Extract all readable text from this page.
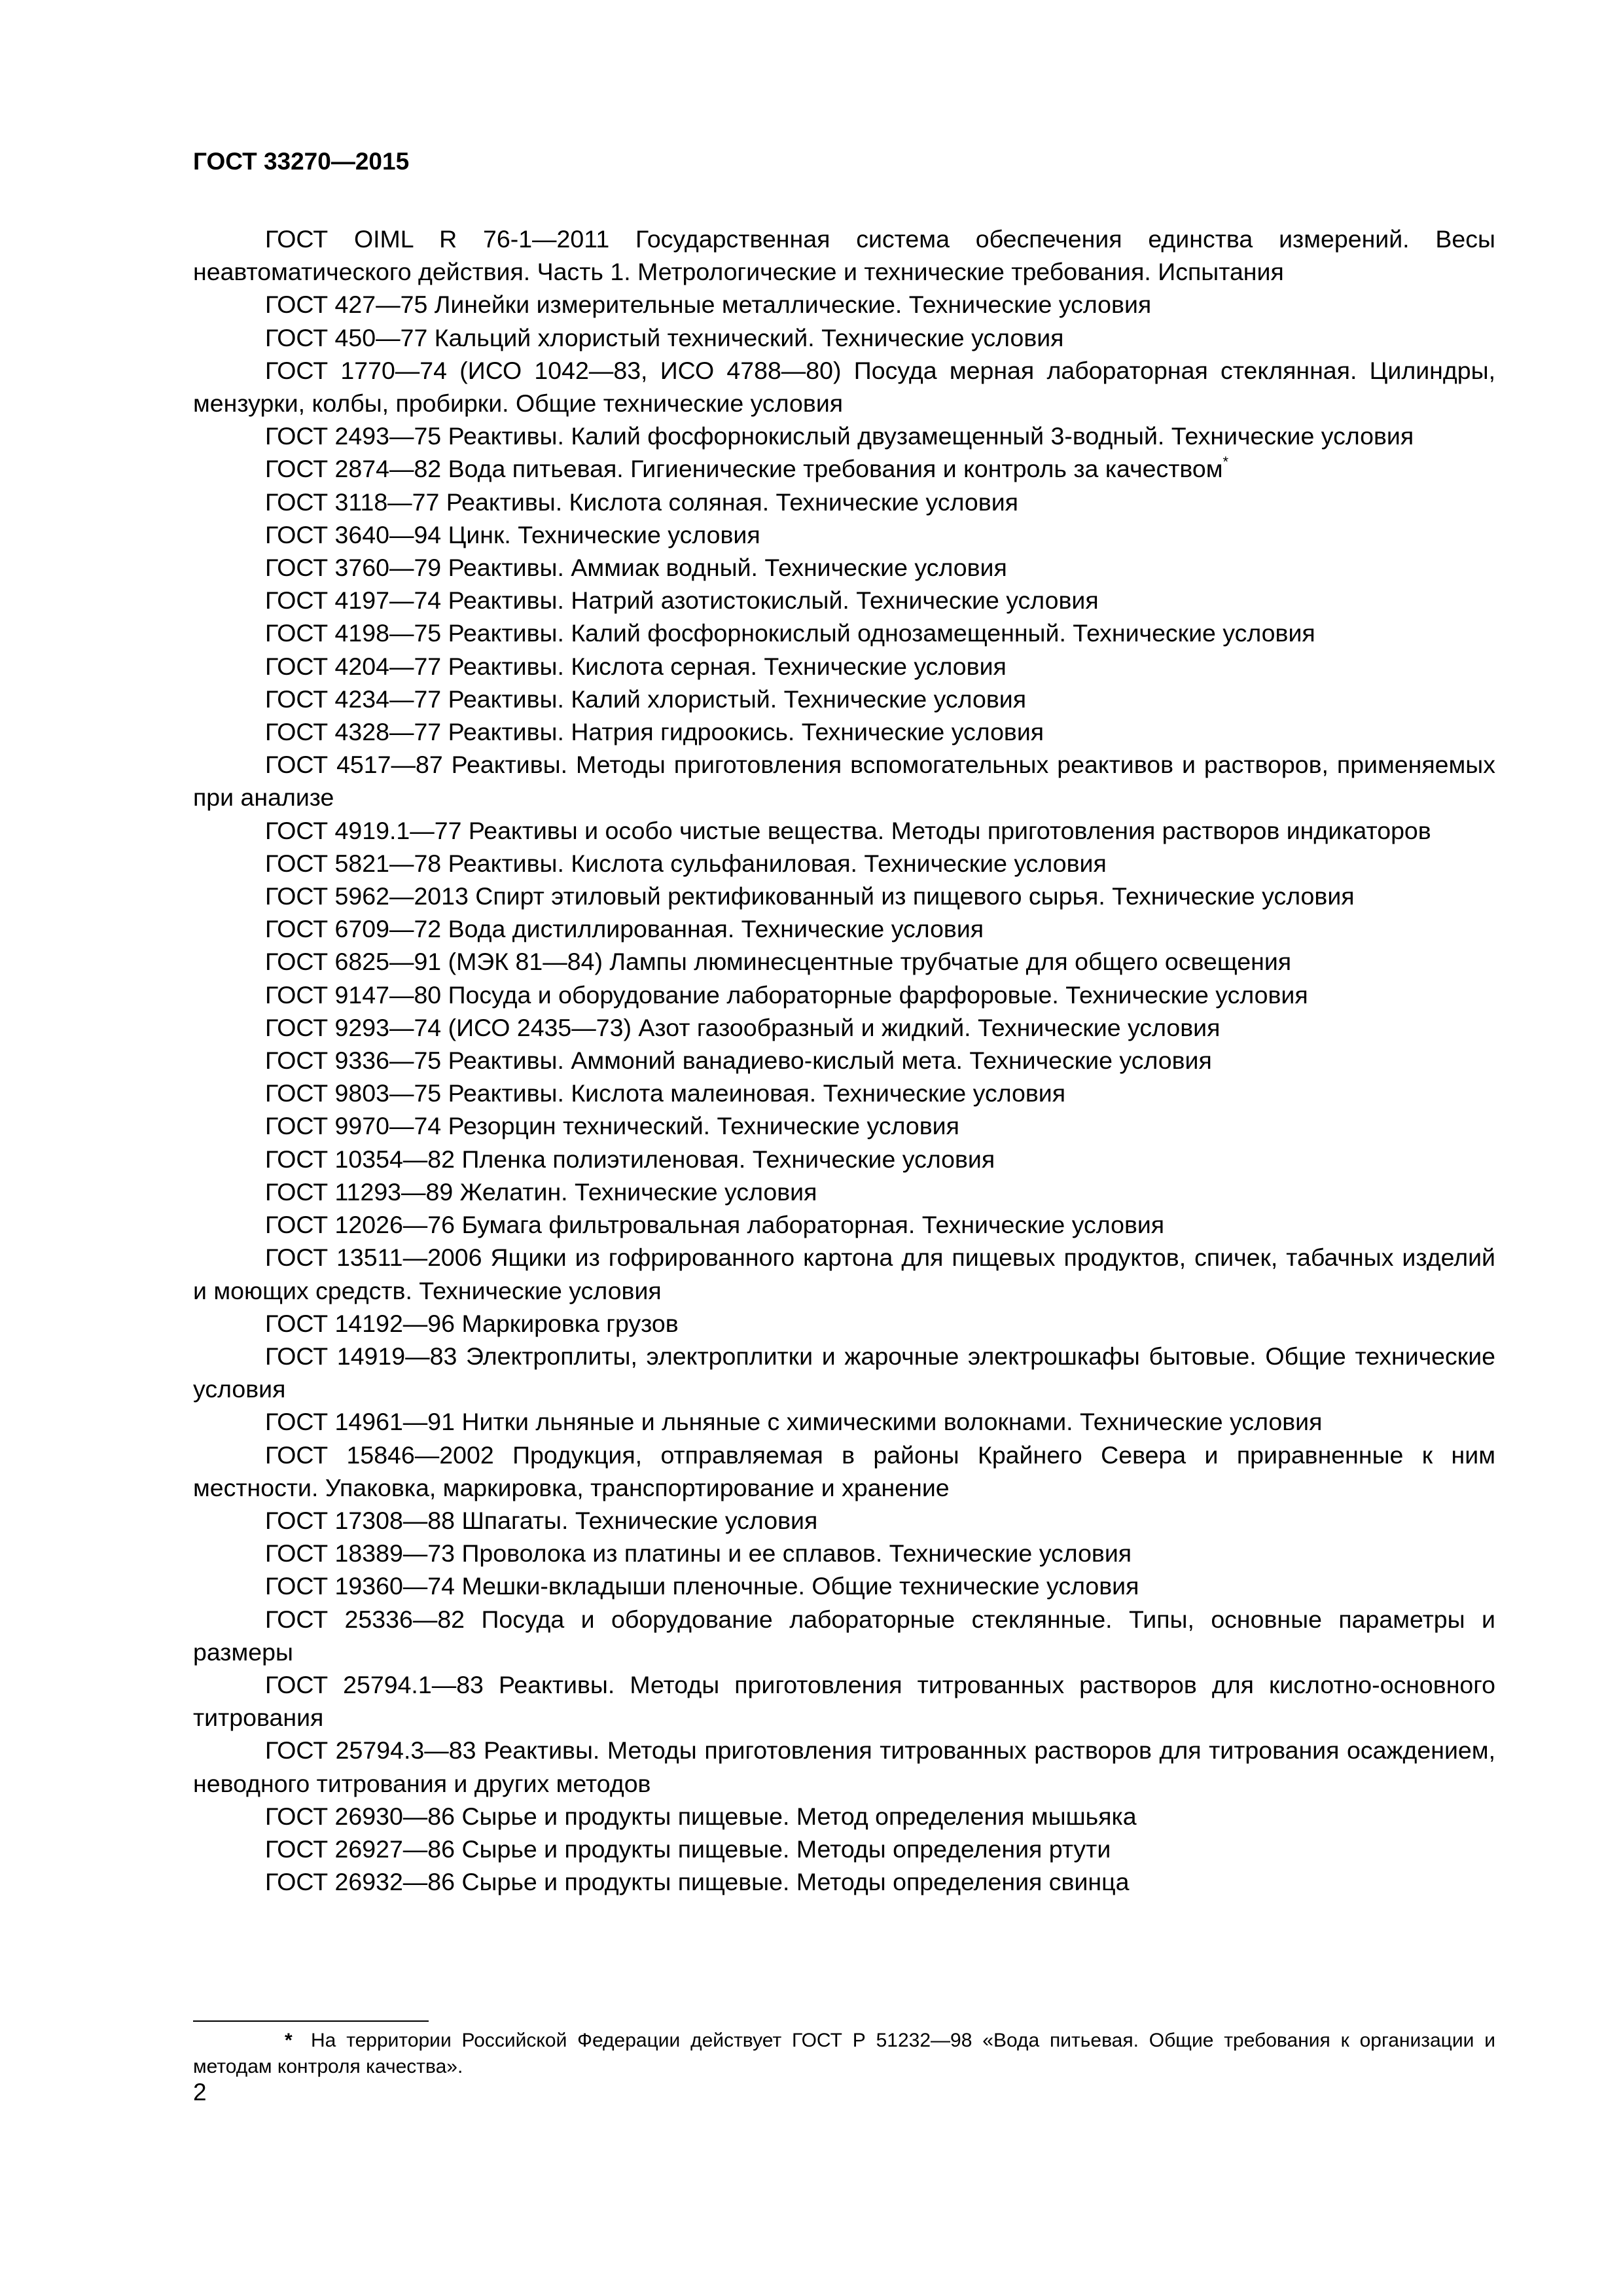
ГОСТ 33270—2015

ГОСТ OIML R 76-1—2011 Государственная система обеспечения единства измерений. Весы неавтоматического действия. Часть 1. Метрологические и технические требования. Испытания

ГОСТ 427—75 Линейки измерительные металлические. Технические условия

ГОСТ 450—77 Кальций хлористый технический. Технические условия

ГОСТ 1770—74 (ИСО 1042—83, ИСО 4788—80) Посуда мерная лабораторная стеклянная. Цилиндры, мензурки, колбы, пробирки. Общие технические условия

ГОСТ 2493—75 Реактивы. Калий фосфорнокислый двузамещенный 3-водный. Технические условия

ГОСТ 2874—82 Вода питьевая. Гигиенические требования и контроль за качеством*

ГОСТ 3118—77 Реактивы. Кислота соляная. Технические условия

ГОСТ 3640—94 Цинк. Технические условия

ГОСТ 3760—79 Реактивы. Аммиак водный. Технические условия

ГОСТ 4197—74 Реактивы. Натрий азотистокислый. Технические условия

ГОСТ 4198—75 Реактивы. Калий фосфорнокислый однозамещенный. Технические условия

ГОСТ 4204—77 Реактивы. Кислота серная. Технические условия

ГОСТ 4234—77 Реактивы. Калий хлористый. Технические условия

ГОСТ 4328—77 Реактивы. Натрия гидроокись. Технические условия

ГОСТ 4517—87 Реактивы. Методы приготовления вспомогательных реактивов и растворов, применяемых при анализе

ГОСТ 4919.1—77 Реактивы и особо чистые вещества. Методы приготовления растворов индикаторов

ГОСТ 5821—78 Реактивы. Кислота сульфаниловая. Технические условия

ГОСТ 5962—2013 Спирт этиловый ректификованный из пищевого сырья. Технические условия

ГОСТ 6709—72 Вода дистиллированная. Технические условия

ГОСТ 6825—91 (МЭК 81—84) Лампы люминесцентные трубчатые для общего освещения

ГОСТ 9147—80 Посуда и оборудование лабораторные фарфоровые. Технические условия

ГОСТ 9293—74 (ИСО 2435—73) Азот газообразный и жидкий. Технические условия

ГОСТ 9336—75 Реактивы. Аммоний ванадиево-кислый мета. Технические условия

ГОСТ 9803—75 Реактивы. Кислота малеиновая. Технические условия

ГОСТ 9970—74 Резорцин технический. Технические условия

ГОСТ 10354—82 Пленка полиэтиленовая. Технические условия

ГОСТ 11293—89 Желатин. Технические условия

ГОСТ 12026—76 Бумага фильтровальная лабораторная. Технические условия

ГОСТ 13511—2006 Ящики из гофрированного картона для пищевых продуктов, спичек, табачных изделий и моющих средств. Технические условия

ГОСТ 14192—96 Маркировка грузов

ГОСТ 14919—83 Электроплиты, электроплитки и жарочные электрошкафы бытовые. Общие технические условия

ГОСТ 14961—91 Нитки льняные и льняные с химическими волокнами. Технические условия

ГОСТ 15846—2002 Продукция, отправляемая в районы Крайнего Севера и приравненные к ним местности. Упаковка, маркировка, транспортирование и хранение

ГОСТ 17308—88 Шпагаты. Технические условия

ГОСТ 18389—73 Проволока из платины и ее сплавов. Технические условия

ГОСТ 19360—74 Мешки-вкладыши пленочные. Общие технические условия

ГОСТ 25336—82 Посуда и оборудование лабораторные стеклянные. Типы, основные параметры и размеры

ГОСТ 25794.1—83 Реактивы. Методы приготовления титрованных растворов для кислотно-основного титрования

ГОСТ 25794.3—83 Реактивы. Методы приготовления титрованных растворов для титрования осаждением, неводного титрования и других методов

ГОСТ 26930—86 Сырье и продукты пищевые. Метод определения мышьяка

ГОСТ 26927—86 Сырье и продукты пищевые. Методы определения ртути

ГОСТ 26932—86 Сырье и продукты пищевые. Методы определения свинца

* На территории Российской Федерации действует ГОСТ Р 51232—98 «Вода питьевая. Общие требования к организации и методам контроля качества».
2
